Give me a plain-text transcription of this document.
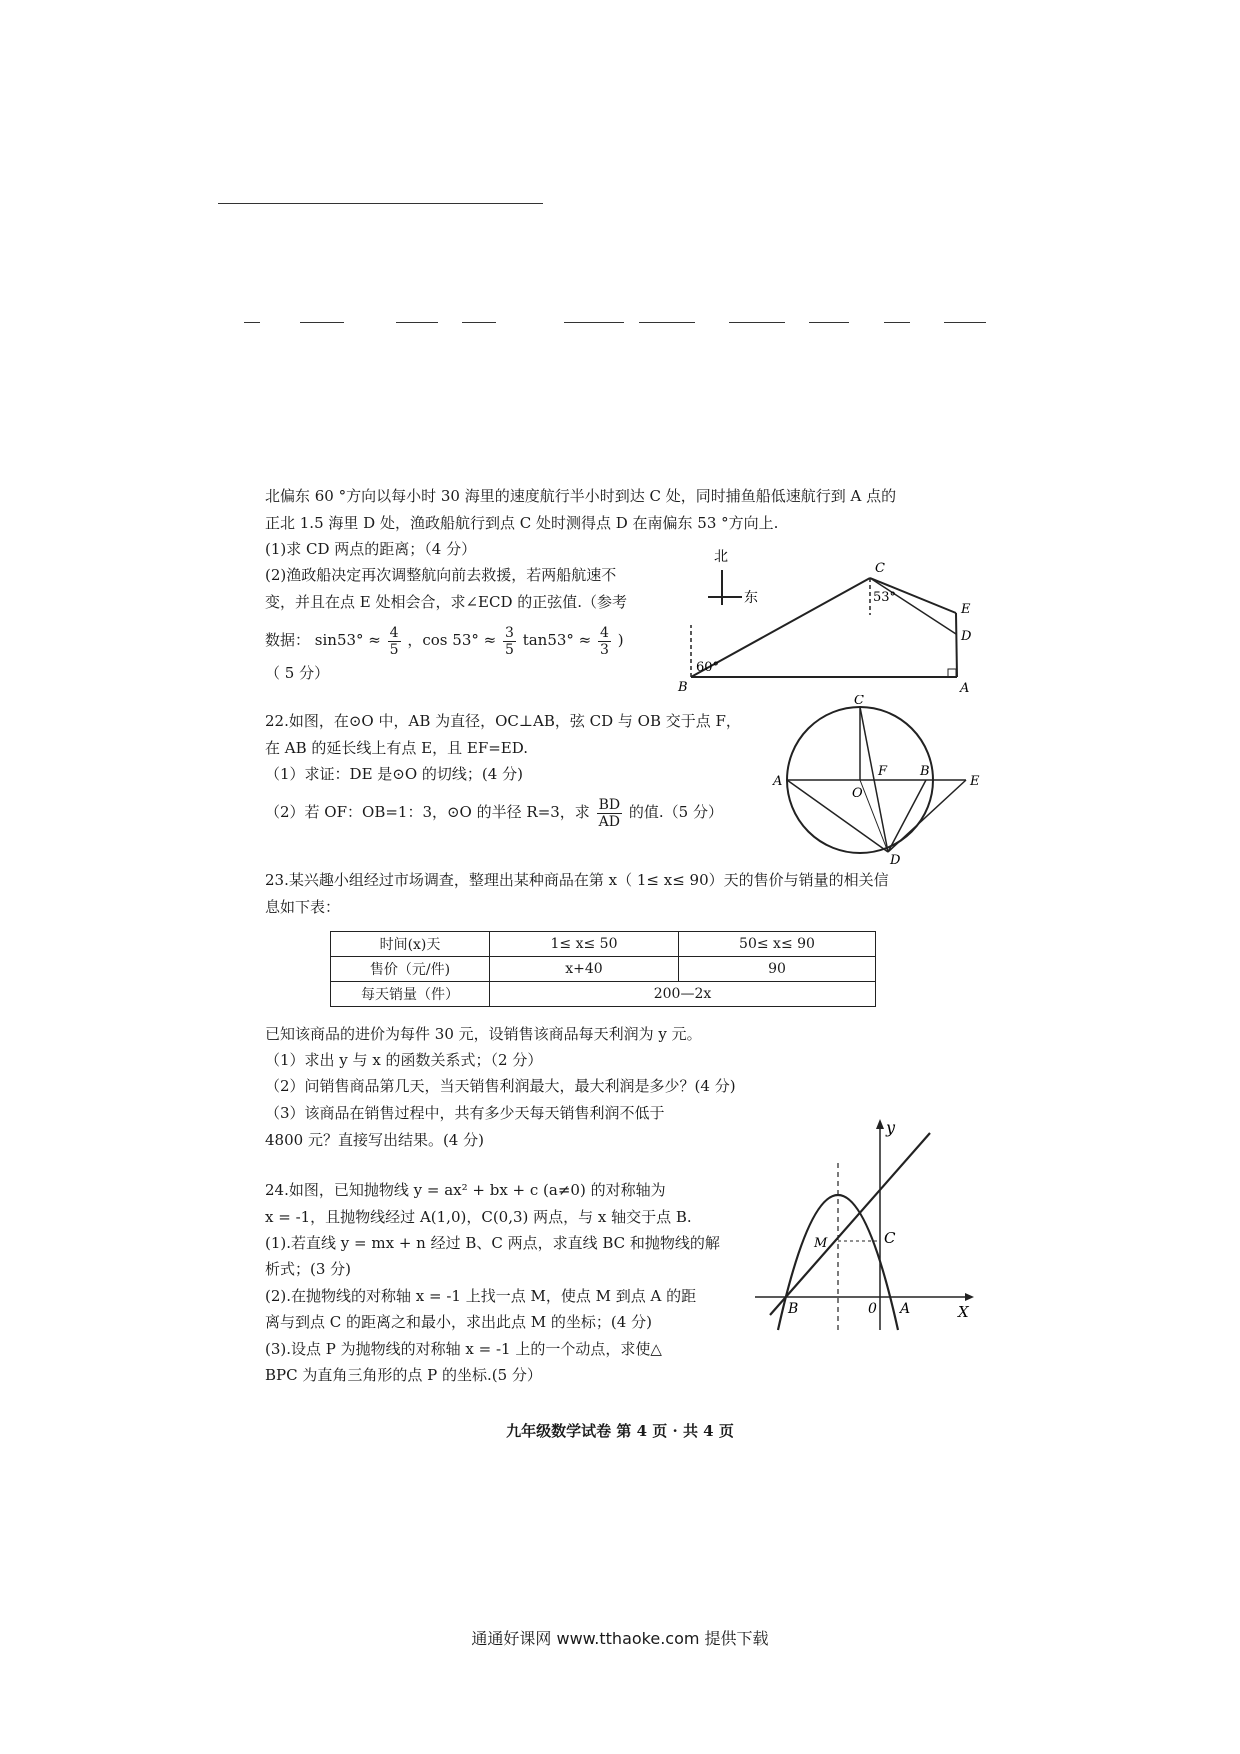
北偏东 60 °方向以每小时 30 海里的速度航行半小时到达 C 处，同时捕鱼船低速航行到 A 点的
正北 1.5 海里 D 处，渔政船航行到点 C 处时测得点 D 在南偏东 53 °方向上.
(1)求 CD 两点的距离；（4 分）
(2)渔政船决定再次调整航向前去救援，若两船航速不
变，并且在点 E 处相会合，求∠ECD 的正弦值.（参考
数据： $\sin 53^\circ \approx \frac{4}{5}$ ，$\cos 53^\circ \approx \frac{3}{5} \tan 53^\circ \approx \frac{4}{3}$ )
（ 5 分）
北
东
B	A
C
D
E
60°
53°
22.如图，在⊙O 中，AB 为直径，OC⊥AB，弦 CD 与 OB 交于点 F，
在 AB 的延长线上有点 E，且 EF=ED.
（1）求证：DE 是⊙O 的切线；(4 分)
（2）若 OF：OB=1：3，⊙O 的半径 R=3，求 $\frac{BD}{AD}$ 的值.（5 分）
C
A
O
F	B
E
D
23.某兴趣小组经过市场调查，整理出某种商品在第 x（ 1≤ x≤ 90）天的售价与销量的相关信
息如下表：
时间(x)天	1≤ x≤ 50	50≤ x≤ 90
售价（元/件)	x+40	90
每天销量（件）	200—2x	
已知该商品的进价为每件 30 元，设销售该商品每天利润为 y 元。
（1）求出 y 与 x 的函数关系式；（2 分）
（2）问销售商品第几天，当天销售利润最大，最大利润是多少？(4 分)
（3）该商品在销售过程中，共有多少天每天销售利润不低于
4800 元？直接写出结果。(4 分)
24.如图，已知抛物线 y = ax² + bx + c (a≠0) 的对称轴为
x = -1，且抛物线经过 A(1,0)，C(0,3) 两点，与 x 轴交于点 B.
(1).若直线 y = mx + n 经过 B、C 两点，求直线 BC 和抛物线的解
析式；(3 分)
(2).在抛物线的对称轴 x = -1 上找一点 M，使点 M 到点 A 的距
离与到点 C 的距离之和最小，求出此点 M 的坐标；(4 分)
(3).设点 P 为抛物线的对称轴 x = -1 上的一个动点，求使△
BPC 为直角三角形的点 P 的坐标.(5 分）
y
X
C
M
B	0 A
九年级数学试卷 第 4 页 · 共 4 页
通通好课网 www.tthaoke.com 提供下载
